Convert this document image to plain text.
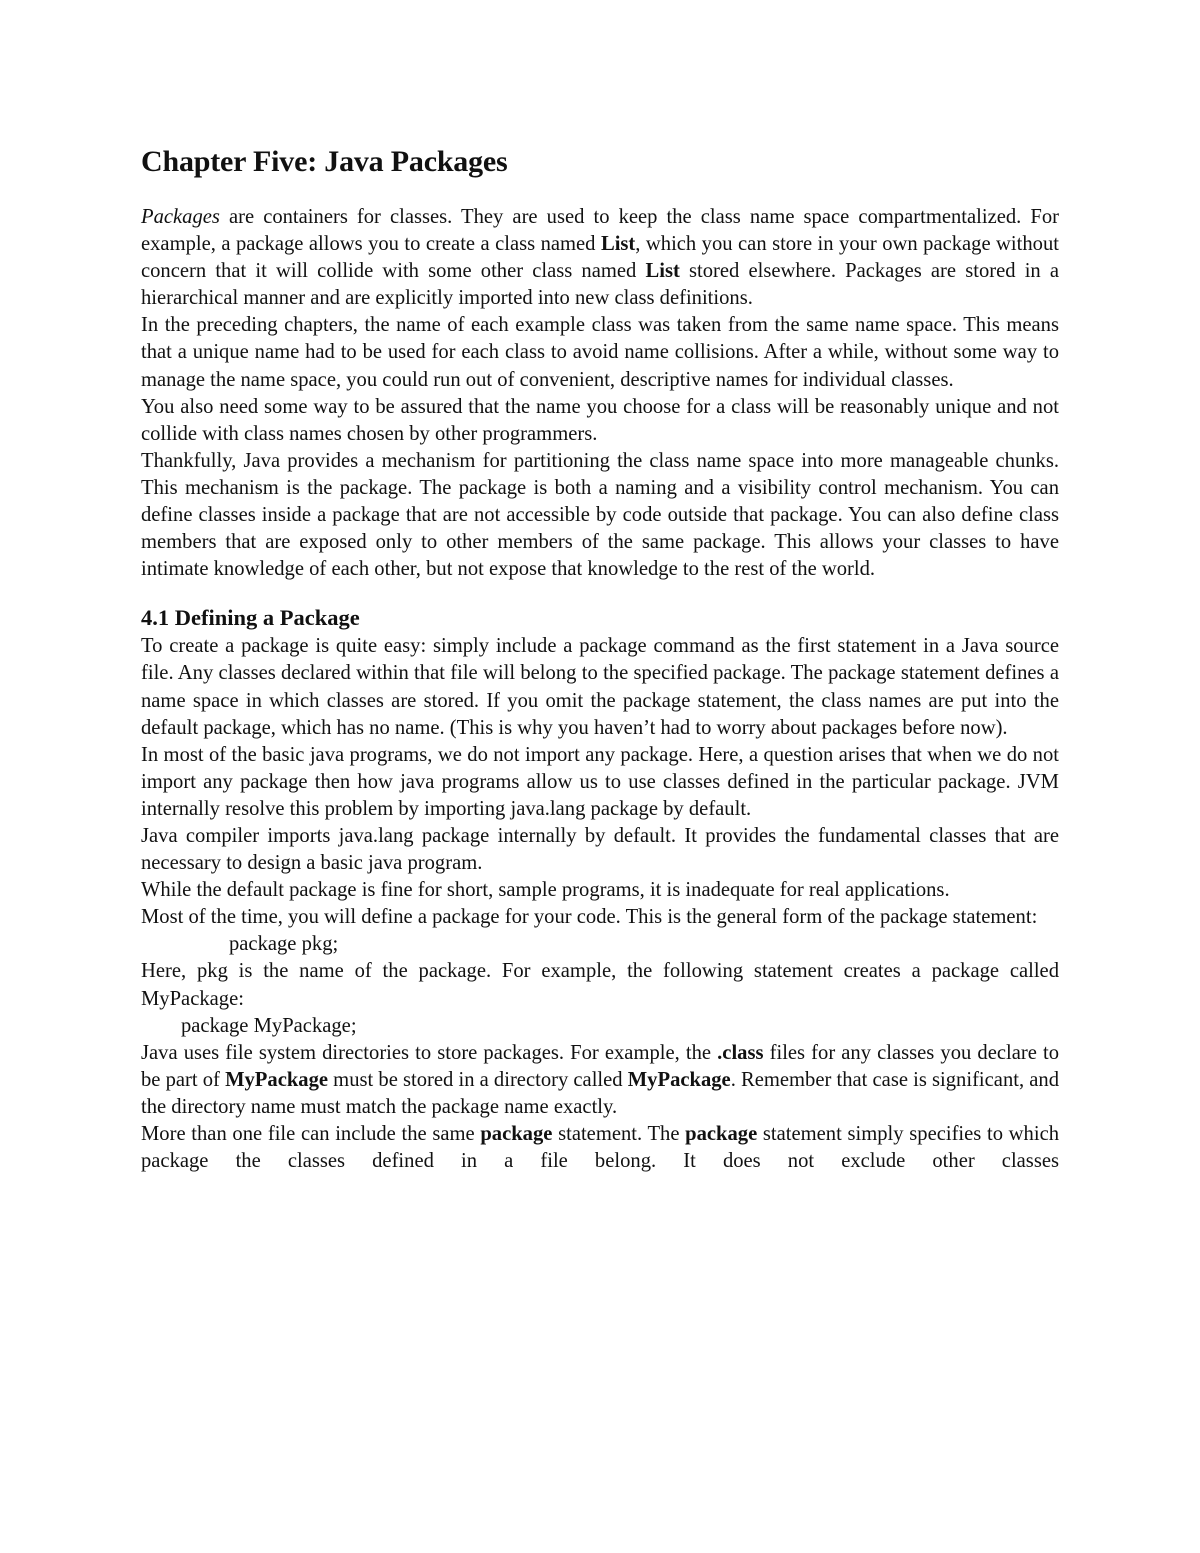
Chapter Five: Java Packages

Packages are containers for classes. They are used to keep the class name space compartmentalized. For example, a package allows you to create a class named List, which you can store in your own package without concern that it will collide with some other class named List stored elsewhere. Packages are stored in a hierarchical manner and are explicitly imported into new class definitions.

In the preceding chapters, the name of each example class was taken from the same name space. This means that a unique name had to be used for each class to avoid name collisions. After a while, without some way to manage the name space, you could run out of convenient, descriptive names for individual classes.

You also need some way to be assured that the name you choose for a class will be reasonably unique and not collide with class names chosen by other programmers.

Thankfully, Java provides a mechanism for partitioning the class name space into more manageable chunks. This mechanism is the package. The package is both a naming and a visibility control mechanism. You can define classes inside a package that are not accessible by code outside that package. You can also define class members that are exposed only to other members of the same package. This allows your classes to have intimate knowledge of each other, but not expose that knowledge to the rest of the world.

4.1 Defining a Package

To create a package is quite easy: simply include a package command as the first statement in a Java source file. Any classes declared within that file will belong to the specified package. The package statement defines a name space in which classes are stored. If you omit the package statement, the class names are put into the default package, which has no name. (This is why you haven’t had to worry about packages before now).

In most of the basic java programs, we do not import any package. Here, a question arises that when we do not import any package then how java programs allow us to use classes defined in the particular package. JVM internally resolve this problem by importing java.lang package by default.

Java compiler imports java.lang package internally by default. It provides the fundamental classes that are necessary to design a basic java program.

While the default package is fine for short, sample programs, it is inadequate for real applications.

Most of the time, you will define a package for your code. This is the general form of the package statement:

package pkg;

Here, pkg is the name of the package. For example, the following statement creates a package called MyPackage:

package MyPackage;

Java uses file system directories to store packages. For example, the .class files for any classes you declare to be part of MyPackage must be stored in a directory called MyPackage. Remember that case is significant, and the directory name must match the package name exactly.

More than one file can include the same package statement. The package statement simply specifies to which package the classes defined in a file belong. It does not exclude other classes
